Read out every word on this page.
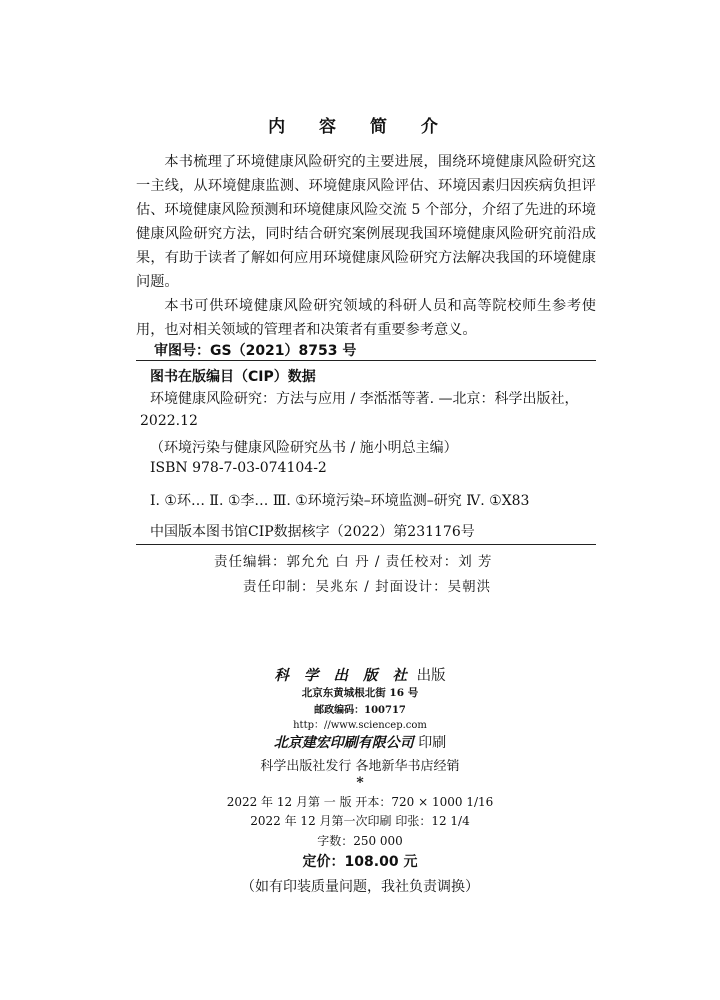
内 容 简 介

本书梳理了环境健康风险研究的主要进展，围绕环境健康风险研究这一主线，从环境健康监测、环境健康风险评估、环境因素归因疾病负担评估、环境健康风险预测和环境健康风险交流 5 个部分，介绍了先进的环境健康风险研究方法，同时结合研究案例展现我国环境健康风险研究前沿成果，有助于读者了解如何应用环境健康风险研究方法解决我国的环境健康问题。

本书可供环境健康风险研究领域的科研人员和高等院校师生参考使用，也对相关领域的管理者和决策者有重要参考意义。

审图号：GS（2021）8753 号
图书在版编目（CIP）数据
环境健康风险研究：方法与应用 / 李湉湉等著. —北京：科学出版社，
2022.12
（环境污染与健康风险研究丛书 / 施小明总主编）
ISBN 978-7-03-074104-2
Ⅰ. ①环… Ⅱ. ①李… Ⅲ. ①环境污染–环境监测–研究 Ⅳ. ①X83
中国版本图书馆CIP数据核字（2022）第231176号
责任编辑：郭允允 白 丹 / 责任校对：刘 芳
责任印制：吴兆东 / 封面设计：吴朝洪
科 学 出 版 社 出版
北京东黄城根北街 16 号
邮政编码：100717
http：//www.sciencep.com
北京建宏印刷有限公司 印刷
科学出版社发行 各地新华书店经销
*
2022 年 12 月第 一 版 开本：720 × 1000 1/16
2022 年 12 月第一次印刷 印张：12 1/4
字数：250 000
定价：108.00 元
（如有印装质量问题，我社负责调换）
